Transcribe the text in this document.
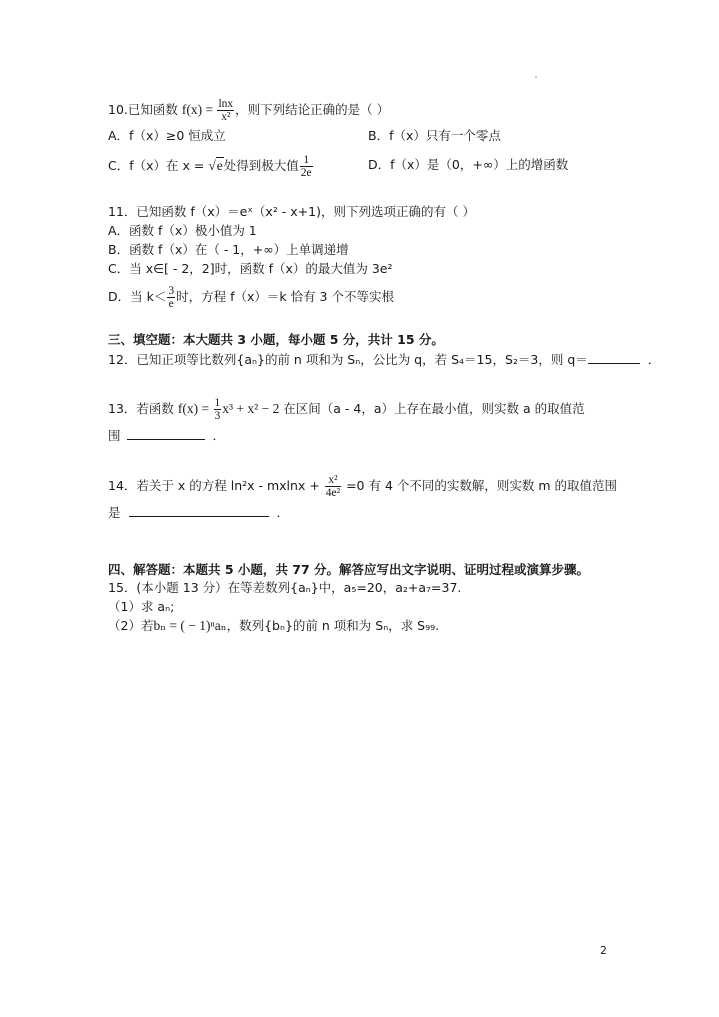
10.已知函数 $f(x) = \frac{\ln x}{\text{x²}}$ ，则下列结论正确的是（ ）
A．f（x）≥0 恒成立	B．f（x）只有一个零点
C．f（x）在 x = √e处得到极大值 $\frac{1}{2e}$	D．f（x）是（0，+∞）上的增函数
11．已知函数 f（x）＝eˣ（x² - x+1)，则下列选项正确的有（ ）
A．函数 f（x）极小值为 1
B．函数 f（x）在（ - 1，+∞）上单调递增
C．当 x∈[ - 2，2]时，函数 f（x）的最大值为 3e²
D．当 $k< \frac{3}{e}$ 时，方程 f（x）＝k 恰有 3 个不等实根
三、填空题：本大题共 3 小题，每小题 5 分，共计 15 分。
12．已知正项等比数列{aₙ}的前 n 项和为 Sₙ，公比为 q，若 S₄＝15，S₂＝3，则 q＝	．
13．若函数 $f(x) = \frac{1}{3} x^3 + x^2 - 2$ 在区间（a - 4，a）上存在最小值，则实数 a 的取值范
围	．
14．若关于 x 的方程 $\ln^2x - mxlnx + \frac{\text{x²}}{\text{4e²}} =0$ 有 4 个不同的实数解，则实数 m 的取值范围
是	．
四、解答题：本题共 5 小题，共 77 分。解答应写出文字说明、证明过程或演算步骤。
15．(本小题 13 分）在等差数列{aₙ}中，a₅=20，a₂+a₇=37.
（1）求 aₙ;
（2）若bₙ = ( − 1)ⁿaₙ，数列{bₙ}的前 n 项和为 Sₙ，求 S₉₉.
2
